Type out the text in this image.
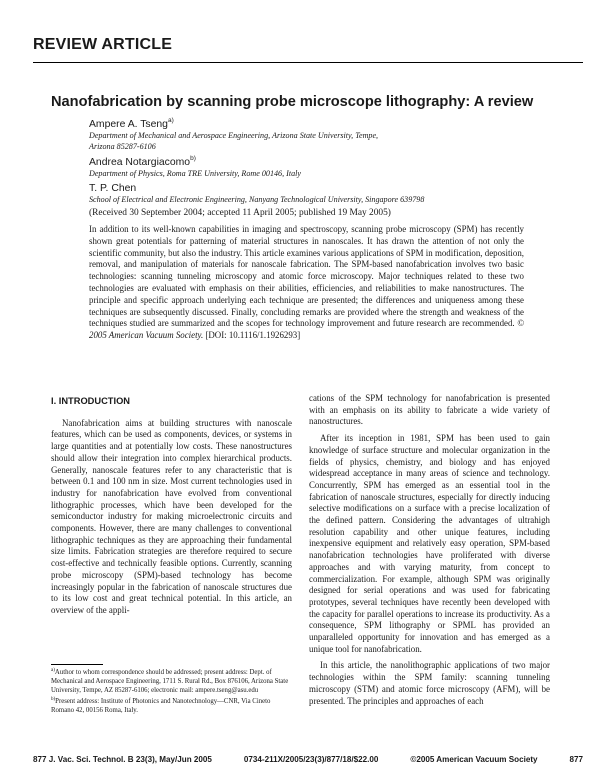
REVIEW ARTICLE
Nanofabrication by scanning probe microscope lithography: A review
Ampere A. Tseng$^{a)}$
Department of Mechanical and Aerospace Engineering, Arizona State University, Tempe,
Arizona 85287-6106
Andrea Notargiacomo$^{b)}$
Department of Physics, Roma TRE University, Rome 00146, Italy
T. P. Chen
School of Electrical and Electronic Engineering, Nanyang Technological University, Singapore 639798
(Received 30 September 2004; accepted 11 April 2005; published 19 May 2005)
In addition to its well-known capabilities in imaging and spectroscopy, scanning probe microscopy (SPM) has recently shown great potentials for patterning of material structures in nanoscales. It has drawn the attention of not only the scientific community, but also the industry. This article examines various applications of SPM in modification, deposition, removal, and manipulation of materials for nanoscale fabrication. The SPM-based nanofabrication involves two basic technologies: scanning tunneling microscopy and atomic force microscopy. Major techniques related to these two technologies are evaluated with emphasis on their abilities, efficiencies, and reliabilities to make nanostructures. The principle and specific approach underlying each technique are presented; the differences and uniqueness among these techniques are subsequently discussed. Finally, concluding remarks are provided where the strength and weakness of the techniques studied are summarized and the scopes for technology improvement and future research are recommended. © 2005 American Vacuum Society. [DOI: 10.1116/1.1926293]

I. INTRODUCTION

Nanofabrication aims at building structures with nanoscale features, which can be used as components, devices, or systems in large quantities and at potentially low costs. These nanostructures should allow their integration into complex hierarchical products. Generally, nanoscale features refer to any characteristic that is between 0.1 and 100 nm in size. Most current technologies used in industry for nanofabrication have evolved from conventional lithographic processes, which have been developed for the semiconductor industry for making microelectronic circuits and components. However, there are many challenges to conventional lithographic techniques as they are approaching their fundamental size limits. Fabrication strategies are therefore required to secure cost-effective and technically feasible options. Currently, scanning probe microscopy (SPM)-based technology has become increasingly popular in the fabrication of nanoscale structures due to its low cost and great technical potential. In this article, an overview of the appli-

cations of the SPM technology for nanofabrication is presented with an emphasis on its ability to fabricate a wide variety of nanostructures.

After its inception in 1981, SPM has been used to gain knowledge of surface structure and molecular organization in the fields of physics, chemistry, and biology and has enjoyed widespread acceptance in many areas of science and technology. Concurrently, SPM has emerged as an essential tool in the fabrication of nanoscale structures, especially for directly inducing selective modifications on a surface with a precise localization of the defined pattern. Considering the advantages of ultrahigh resolution capability and other unique features, including inexpensive equipment and relatively easy operation, SPM-based nanofabrication technologies have proliferated with diverse approaches and with varying maturity, from concept to commercialization. For example, although SPM was originally designed for serial operations and was used for fabricating prototypes, several techniques have recently been developed with the capacity for parallel operations to increase its productivity. As a consequence, SPM lithography or SPML has provided an unparalleled opportunity for innovation and has emerged as a unique tool for nanofabrication.

In this article, the nanolithographic applications of two major technologies within the SPM family: scanning tunneling microscopy (STM) and atomic force microscopy (AFM), will be presented. The principles and approaches of each

$^{a)}$Author to whom correspondence should be addressed; present address: Dept. of Mechanical and Aerospace Engineering, 1711 S. Rural Rd., Box 876106, Arizona State University, Tempe, AZ 85287-6106; electronic mail: ampere.tseng@asu.edu
$^{b)}$Present address: Institute of Photonics and Nanotechnology—CNR, Via Cineto Romano 42, 00156 Roma, Italy.
877 J. Vac. Sci. Technol. B 23(3), May/Jun 2005	0734-211X/2005/23(3)/877/18/$22.00	©2005 American Vacuum Society	877
